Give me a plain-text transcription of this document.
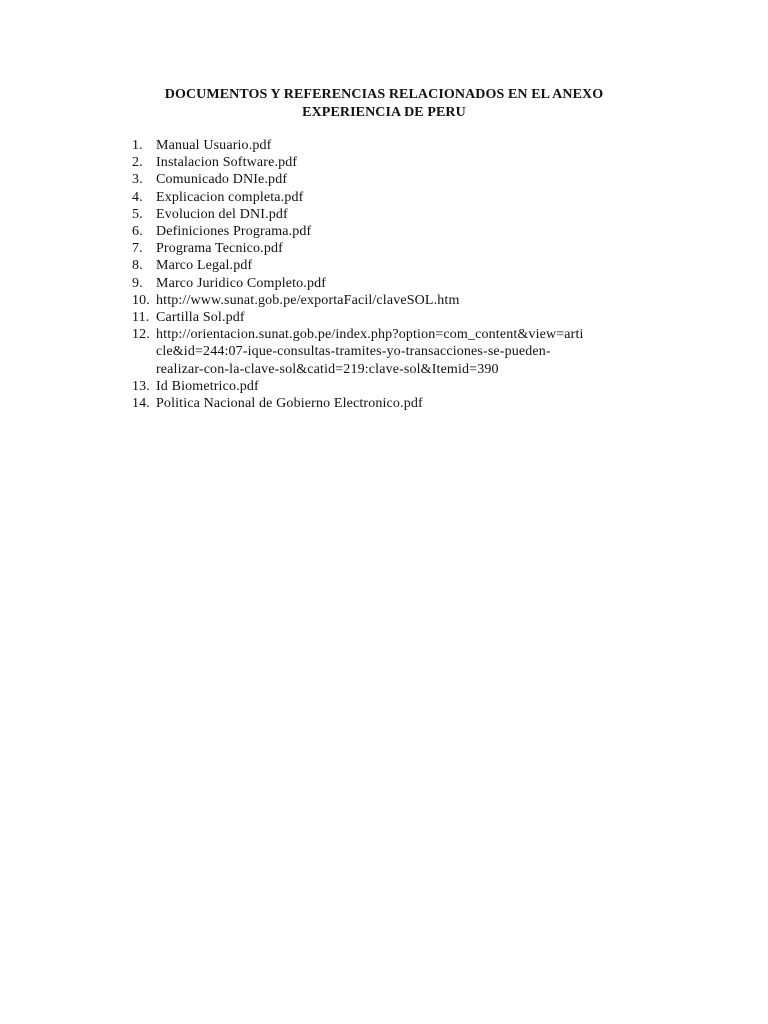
DOCUMENTOS Y REFERENCIAS RELACIONADOS EN EL ANEXO
EXPERIENCIA DE PERU
1. Manual Usuario.pdf
2. Instalacion Software.pdf
3. Comunicado DNIe.pdf
4. Explicacion completa.pdf
5. Evolucion del DNI.pdf
6. Definiciones Programa.pdf
7. Programa Tecnico.pdf
8. Marco Legal.pdf
9. Marco Juridico Completo.pdf
10. http://www.sunat.gob.pe/exportaFacil/claveSOL.htm
11. Cartilla Sol.pdf
12. http://orientacion.sunat.gob.pe/index.php?option=com_content&view=arti
cle&id=244:07-ique-consultas-tramites-yo-transacciones-se-pueden-
realizar-con-la-clave-sol&catid=219:clave-sol&Itemid=390
13. Id Biometrico.pdf
14. Politica Nacional de Gobierno Electronico.pdf
